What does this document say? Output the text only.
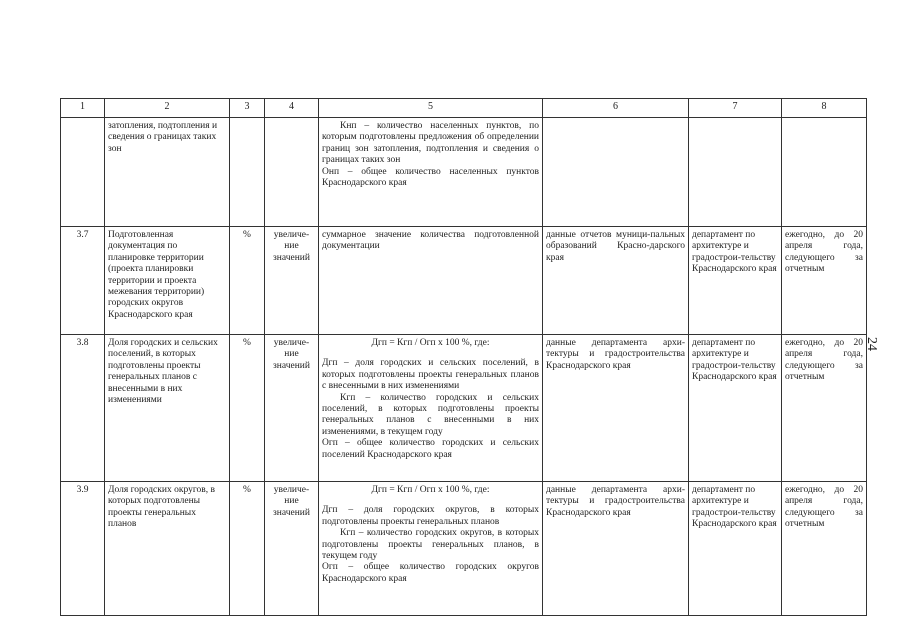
1	2	3	4	5	6	7	8
	затопления, подтопления и сведения о границах таких зон			Кнп – количество населенных пунктов, по которым подготовлены предложения об определении границ зон затопления, подтопления и сведения о границах таких зон
Онп – общее количество населенных пунктов Краснодарского края			

3.7	Подготовленная документация по планировке территории (проекта планировки территории и проекта межевания территории) городских округов Краснодарского края	%	увеличе-ние значений	суммарное значение количества подготовленной документации	данные отчетов муници-пальных образований Красно-дарского края	департамент по архитектуре и градострои-тельству Краснодарского края	ежегодно, до 20 апреля года, следующего за отчетным
3.8	Доля городских и сельских поселений, в которых подготовлены проекты генеральных планов с внесенными в них изменениями	%	увеличе-ние значений	Дгп = Кгп / Огп х 100 %, где:
Дгп – доля городских и сельских поселений, в которых подготовлены проекты генеральных планов с внесенными в них изменениями
Кгп – количество городских и сельских поселений, в которых подготовлены проекты генеральных планов с внесенными в них изменениями, в текущем году
Огп – общее количество городских и сельских поселений Краснодарского края	данные департамента архи-тектуры и градостроительства Краснодарского края	департамент по архитектуре и градострои-тельству Краснодарского края	ежегодно, до 20 апреля года, следующего за отчетным
3.9	Доля городских округов, в которых подготовлены проекты генеральных планов	%	увеличе-ние значений	Дгп = Кгп / Огп х 100 %, где:
Дгп – доля городских округов, в которых подготовлены проекты генеральных планов
Кгп – количество городских округов, в которых подготовлены проекты генеральных планов, в текущем году
Огп – общее количество городских округов Краснодарского края	данные департамента архи-тектуры и градостроительства Краснодарского края	департамент по архитектуре и градострои-тельству Краснодарского края	ежегодно, до 20 апреля года, следующего за отчетным
24
